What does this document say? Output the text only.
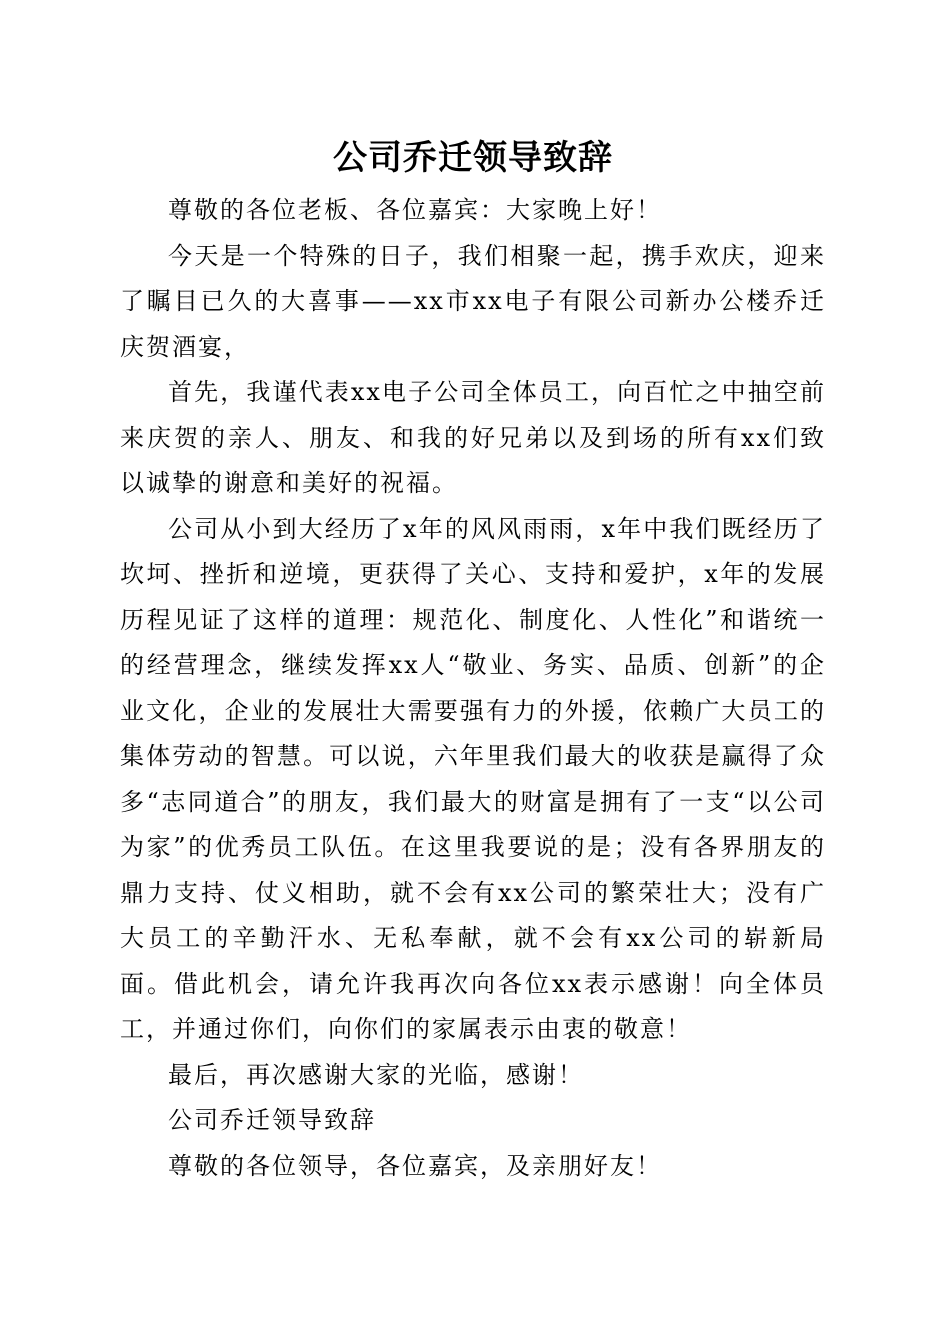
公司乔迁领导致辞

尊敬的各位老板、各位嘉宾：大家晚上好！

今天是一个特殊的日子，我们相聚一起，携手欢庆，迎来了瞩目已久的大喜事——xx市xx电子有限公司新办公楼乔迁庆贺酒宴，

首先，我谨代表xx电子公司全体员工，向百忙之中抽空前来庆贺的亲人、朋友、和我的好兄弟以及到场的所有xx们致以诚挚的谢意和美好的祝福。

公司从小到大经历了x年的风风雨雨，x年中我们既经历了坎坷、挫折和逆境，更获得了关心、支持和爱护，x年的发展历程见证了这样的道理：规范化、制度化、人性化”和谐统一的经营理念，继续发挥xx人“敬业、务实、品质、创新”的企业文化，企业的发展壮大需要强有力的外援，依赖广大员工的集体劳动的智慧。可以说，六年里我们最大的收获是赢得了众多“志同道合”的朋友，我们最大的财富是拥有了一支“以公司为家”的优秀员工队伍。在这里我要说的是；没有各界朋友的鼎力支持、仗义相助，就不会有xx公司的繁荣壮大；没有广大员工的辛勤汗水、无私奉献，就不会有xx公司的崭新局面。借此机会，请允许我再次向各位xx表示感谢！向全体员工，并通过你们，向你们的家属表示由衷的敬意！

最后，再次感谢大家的光临，感谢！

公司乔迁领导致辞

尊敬的各位领导，各位嘉宾，及亲朋好友！
